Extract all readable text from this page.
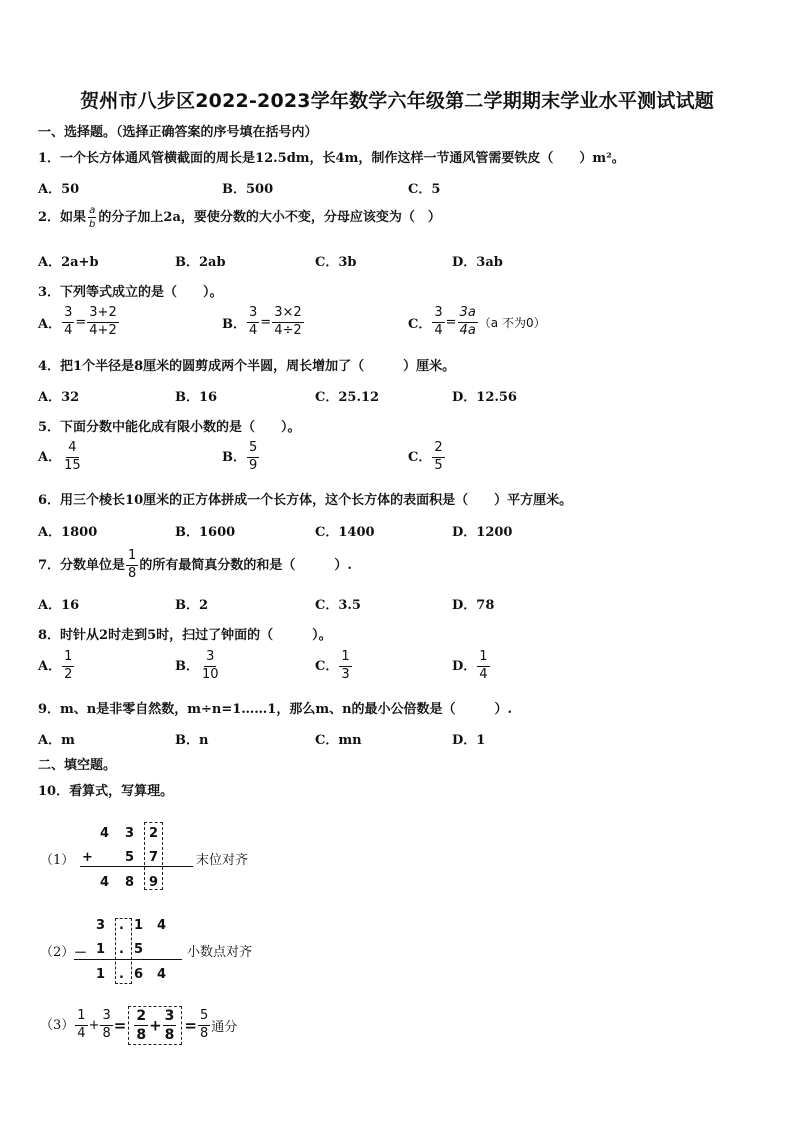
贺州市八步区2022-2023学年数学六年级第二学期期末学业水平测试试题
一、选择题。（选择正确答案的序号填在括号内）
1．一个长方体通风管横截面的周长是12.5dm，长4m，制作这样一节通风管需要铁皮（　　）m²。
A．50	B．500	C．5
2．如果 $\frac{a}{b}$ 的分子加上2a，要使分数的大小不变，分母应该变为（　）
A．2a+b	B．2ab	C．3b	D．3ab
3．下列等式成立的是（　　）。
A． $\frac{3}{4} = \frac{3+2}{4+2}$	B． $\frac{3}{4} = \frac{3\times 2}{4\div 2}$	C． $\frac{3}{4} = \frac{3a}{4a} (a$ 不为0）
4．把1个半径是8厘米的圆剪成两个半圆，周长增加了（　　　）厘米。
A．32	B．16	C．25.12	D．12.56
5．下面分数中能化成有限小数的是（　　）。
A． $\frac{4}{15}$	B． $\frac{5}{9}$	C． $\frac{2}{5}$
6．用三个棱长10厘米的正方体拼成一个长方体，这个长方体的表面积是（　　）平方厘米。
A．1800	B．1600	C．1400	D．1200
7．分数单位是 $\frac{1}{8}$ 的所有最简真分数的和是（　　　）.
A．16	B．2	C．3.5	D．78
8．时针从2时走到5时，扫过了钟面的（　　　）。
A． $\frac{1}{2}$	B． $\frac{3}{10}$	C． $\frac{1}{3}$	D． $\frac{1}{4}$
9．m、n是非零自然数，m÷n=1……1，那么m、n的最小公倍数是（　　　）.
A．m	B．n	C．mn	D．1
二、填空题。
10．看算式，写算理。
（1）
4 3 2
+ 5 7
4 8 9
末位对齐
（2）
3 . 1 4
－ 1 . 5
1 . 6 4
小数点对齐
$(3) \frac{1}{4} + \frac{3}{8} = \frac{2}{8} + \frac{3}{8} = \frac{5}{8}$ 通分
